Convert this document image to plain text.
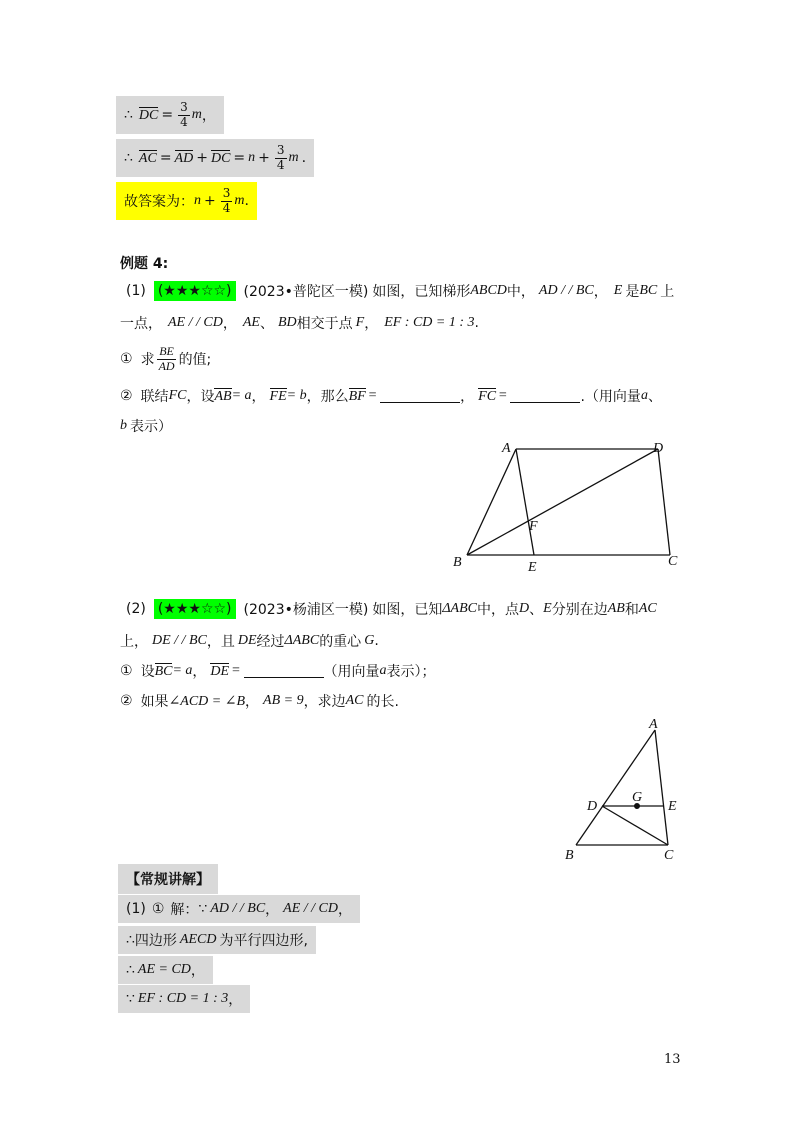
∴ DC = $\frac{3}{4}$ m ，
∴ AC = AD + DC = $n + \frac{3}{4}$ m .
故答案为： $n + \frac{3}{4}$ m .
例题 4:
(1) (★★★☆☆) (2023•普陀区一模) 如图，已知梯形 ABCD 中， AD / / BC ， E 是 BC 上
一点， AE / / CD ， AE 、 BD 相交于点 F ， EF : CD = 1 : 3 .
① 求 $\frac{BE}{AD}$ 的值;
② 联结 FC ，设 AB = a ， FE = b ，那么 BF =	， FC =	.（用向量 a 、
b 表示）
A	D
F
B	E	C
(2) (★★★☆☆) (2023•杨浦区一模) 如图，已知 ΔABC 中，点 D 、 E 分别在边 AB 和 AC
上， DE / / BC ，且 DE 经过 ΔABC 的重心 G .
① 设 BC = a ， DE =	（用向量 a 表示）；
② 如果 ∠ACD = ∠B ， AB = 9 ，求边 AC 的长.
A
D
G
E
B	C
【常规讲解】
(1) ① 解： ∵ AD / / BC ， AE / / CD ，
∴ 四边形 AECD 为平行四边形,
∴ AE = CD ，
∵ EF : CD = 1 : 3 ，
13
